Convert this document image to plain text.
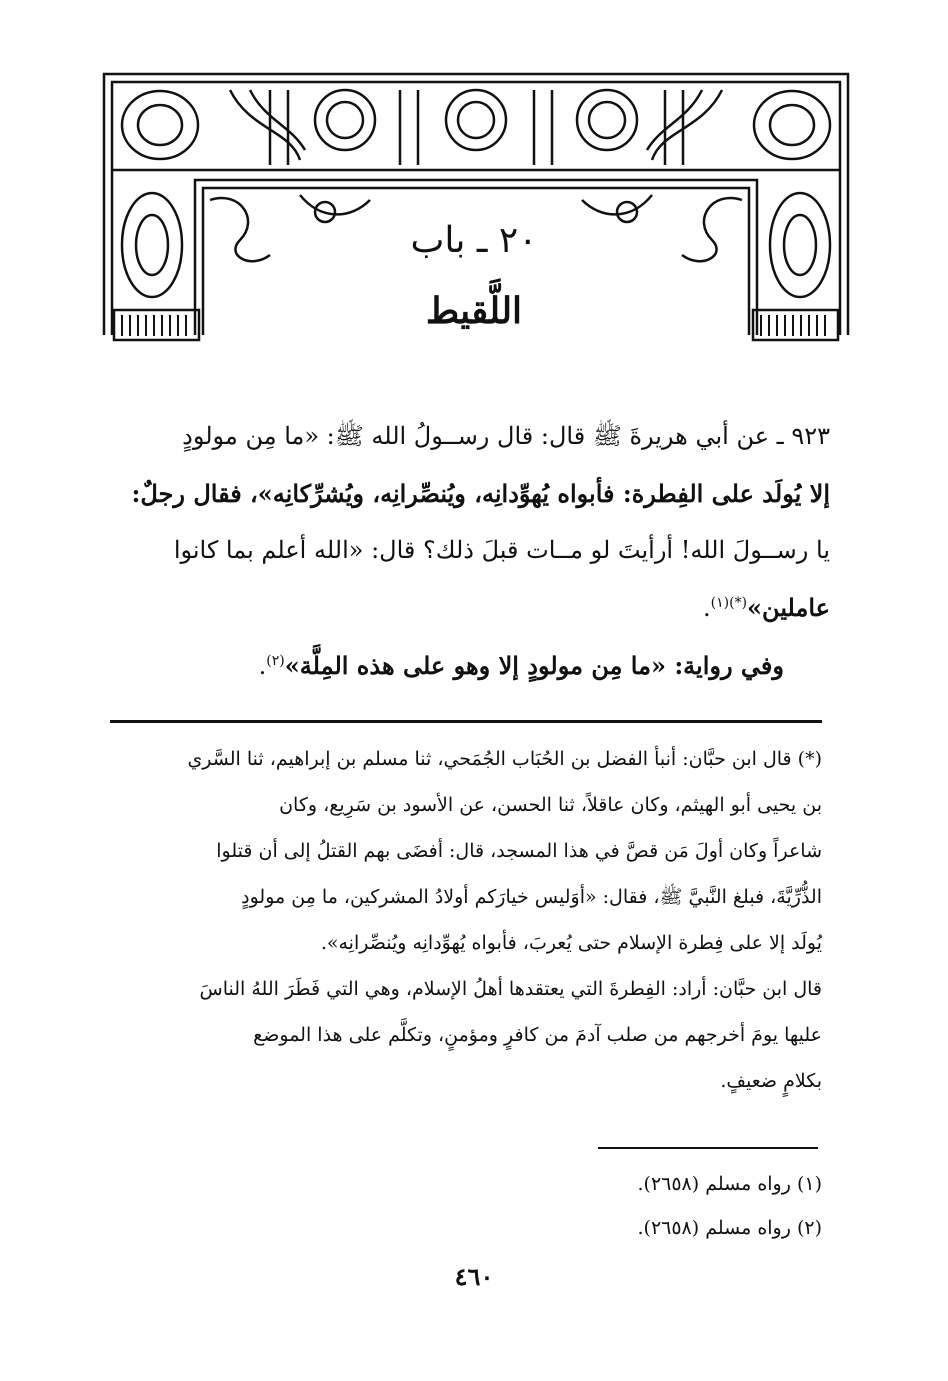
٢٠ ـ باب
اللَّقيط

٩٢٣ ـ عن أبي هريرةَ ﷺ قال: قال رســولُ الله ﷺ: «ما مِن مولودٍ

إلا يُولَد على الفِطرة: فأبواه يُهوِّدانِه، ويُنصِّرانِه، ويُشرِّكانِه»، فقال رجلٌ:

يا رســولَ الله! أرأيتَ لو مــات قبلَ ذلك؟ قال: «الله أعلم بما كانوا

عاملين»$^{(*)(١)}$.

وفي رواية: «ما مِن مولودٍ إلا وهو على هذه المِلَّة»$^{(٢)}$.

(*) قال ابن حبَّان: أنبأ الفضل بن الحُبَاب الجُمَحي، ثنا مسلم بن إبراهيم، ثنا السَّري

بن يحيى أبو الهيثم، وكان عاقلاً، ثنا الحسن، عن الأسود بن سَرِيع، وكان

شاعراً وكان أولَ مَن قصَّ في هذا المسجد، قال: أفضَى بهم القتلُ إلى أن قتلوا

الذُّرِّيَّةَ، فبلغ النَّبيَّ ﷺ، فقال: «أوَليس خيارَكم أولادُ المشركين، ما مِن مولودٍ

يُولَد إلا على فِطرة الإسلام حتى يُعربَ، فأبواه يُهوِّدانِه ويُنصِّرانِه».

قال ابن حبَّان: أراد: الفِطرةَ التي يعتقدها أهلُ الإسلام، وهي التي فَطَرَ اللهُ الناسَ

عليها يومَ أخرجهم من صلب آدمَ من كافرٍ ومؤمنٍ، وتكلَّم على هذا الموضع

بكلامٍ ضعيفٍ.

(١) رواه مسلم (٢٦٥٨).

(٢) رواه مسلم (٢٦٥٨).

٤٦٠
